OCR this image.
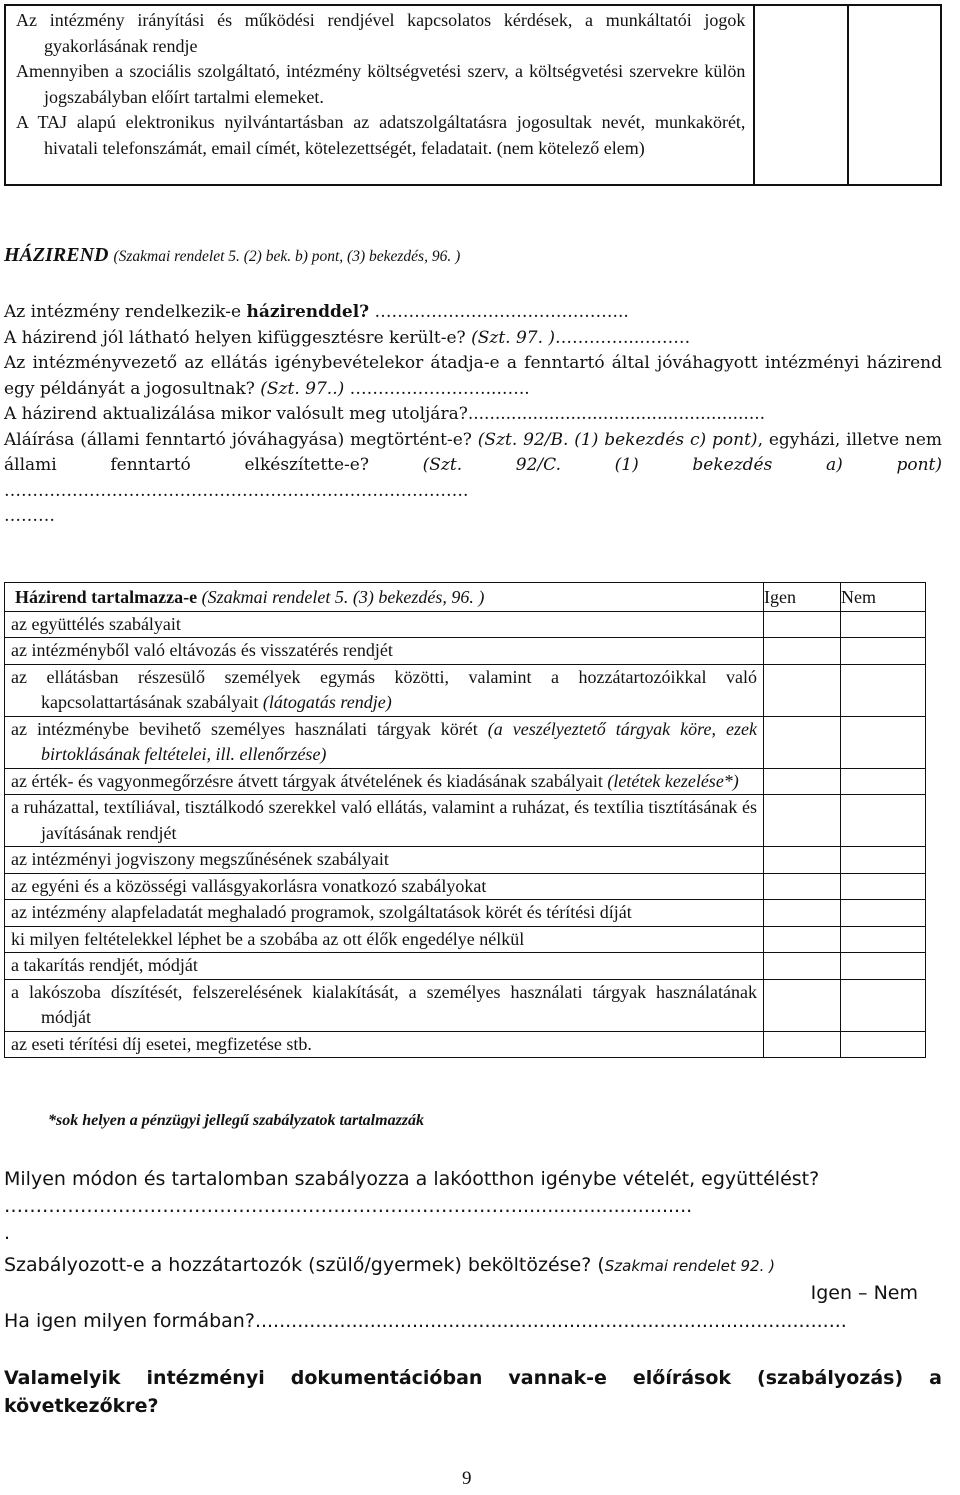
Az intézmény irányítási és működési rendjével kapcsolatos kérdések, a munkáltatói jogok gyakorlásának rendje

Amennyiben a szociális szolgáltató, intézmény költségvetési szerv, a költségvetési szervekre külön jogszabályban előírt tartalmi elemeket.

A TAJ alapú elektronikus nyilvántartásban az adatszolgáltatásra jogosultak nevét, munkakörét, hivatali telefonszámát, email címét, kötelezettségét, feladatait. (nem kötelező elem)

HÁZIREND (Szakmai rendelet 5. (2) bek. b) pont, (3) bekezdés, 96. )

Az intézmény rendelkezik-e házirenddel? ……………………………………...

A házirend jól látható helyen kifüggesztésre került-e? (Szt. 97. )…………...………

Az intézményvezető az ellátás igénybevételekor átadja-e a fenntartó által jóváhagyott intézményi házirend egy példányát a jogosultnak? (Szt. 97..) ……………………...…..

A házirend aktualizálása mikor valósult meg utoljára?.......................................................

Aláírása (állami fenntartó jóváhagyása) megtörtént-e? (Szt. 92/B. (1) bekezdés c) pont), egyházi, illetve nem állami fenntartó elkészítette-e? (Szt. 92/C. (1) bekezdés a) pont)

……………………………………………………………………….

………

Házirend tartalmazza-e (Szakmai rendelet 5. (3) bekezdés, 96. )	Igen	Nem
az együttélés szabályait		
az intézményből való eltávozás és visszatérés rendjét		
az ellátásban részesülő személyek egymás közötti, valamint a hozzátartozóikkal való kapcsolattartásának szabályait (látogatás rendje)		
az intézménybe bevihető személyes használati tárgyak körét (a veszélyeztető tárgyak köre, ezek birtoklásának feltételei, ill. ellenőrzése)		
az érték- és vagyonmegőrzésre átvett tárgyak átvételének és kiadásának szabályait (letétek kezelése*)		
a ruházattal, textíliával, tisztálkodó szerekkel való ellátás, valamint a ruházat, és textília tisztításának és javításának rendjét		
az intézményi jogviszony megszűnésének szabályait		
az egyéni és a közösségi vallásgyakorlásra vonatkozó szabályokat		
az intézmény alapfeladatát meghaladó programok, szolgáltatások körét és térítési díját		
ki milyen feltételekkel léphet be a szobába az ott élők engedélye nélkül		
a takarítás rendjét, módját		
a lakószoba díszítését, felszerelésének kialakítását, a személyes használati tárgyak használatának módját		
az eseti térítési díj esetei, megfizetése stb.		
*sok helyen a pénzügyi jellegű szabályzatok tartalmazzák

Milyen módon és tartalomban szabályozza a lakóotthon igénybe vételét, együttélést?

……………………………………………………………………….............................

.

Szabályozott-e a hozzátartozók (szülő/gyermek) beköltözése? (Szakmai rendelet 92. )

Igen – Nem

Ha igen milyen formában?..................................................................................................

Valamelyik intézményi dokumentációban vannak-e előírások (szabályozás) a következőkre?

9
